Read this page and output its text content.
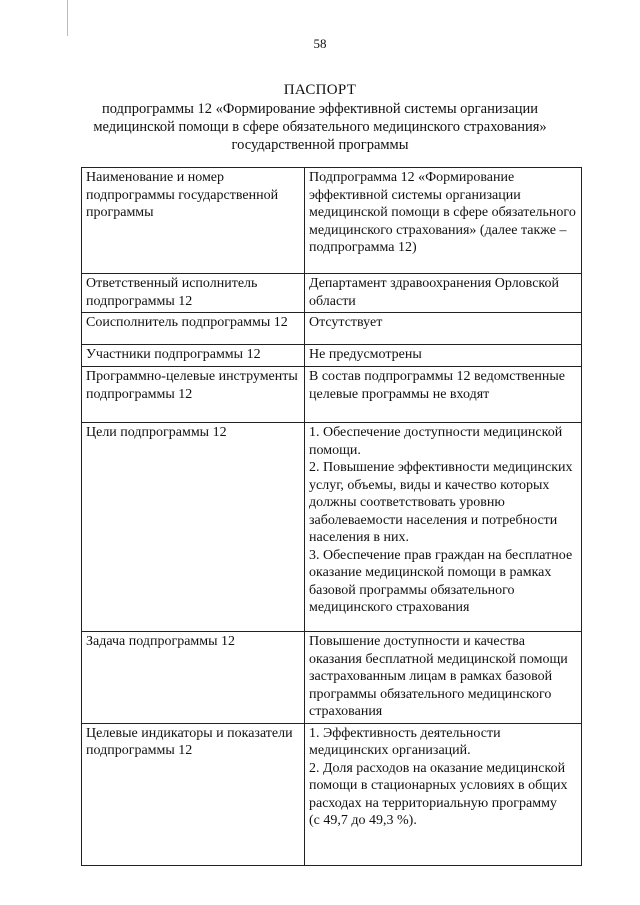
58
ПАСПОРТ
подпрограммы 12 «Формирование эффективной системы организации
медицинской помощи в сфере обязательного медицинского страхования»
государственной программы
Наименование и номер подпрограммы государственной программы	Подпрограмма 12 «Формирование эффективной системы организации медицинской помощи в сфере обязательного медицинского страхования» (далее также – подпрограмма 12)
Ответственный исполнитель подпрограммы 12	Департамент здравоохранения Орловской области
Соисполнитель подпрограммы 12	Отсутствует
Участники подпрограммы 12	Не предусмотрены
Программно-целевые инструменты подпрограммы 12	В состав подпрограммы 12 ведомственные целевые программы не входят
Цели подпрограммы 12	1. Обеспечение доступности медицинской помощи.
2. Повышение эффективности медицинских услуг, объемы, виды и качество которых должны соответствовать уровню заболеваемости населения и потребности населения в них.
3. Обеспечение прав граждан на бесплатное оказание медицинской помощи в рамках базовой программы обязательного медицинского страхования
Задача подпрограммы 12	Повышение доступности и качества оказания бесплатной медицинской помощи застрахованным лицам в рамках базовой программы обязательного медицинского страхования
Целевые индикаторы и показатели подпрограммы 12	1. Эффективность деятельности медицинских организаций.
2. Доля расходов на оказание медицинской помощи в стационарных условиях в общих расходах на территориальную программу
(с 49,7 до 49,3 %).
